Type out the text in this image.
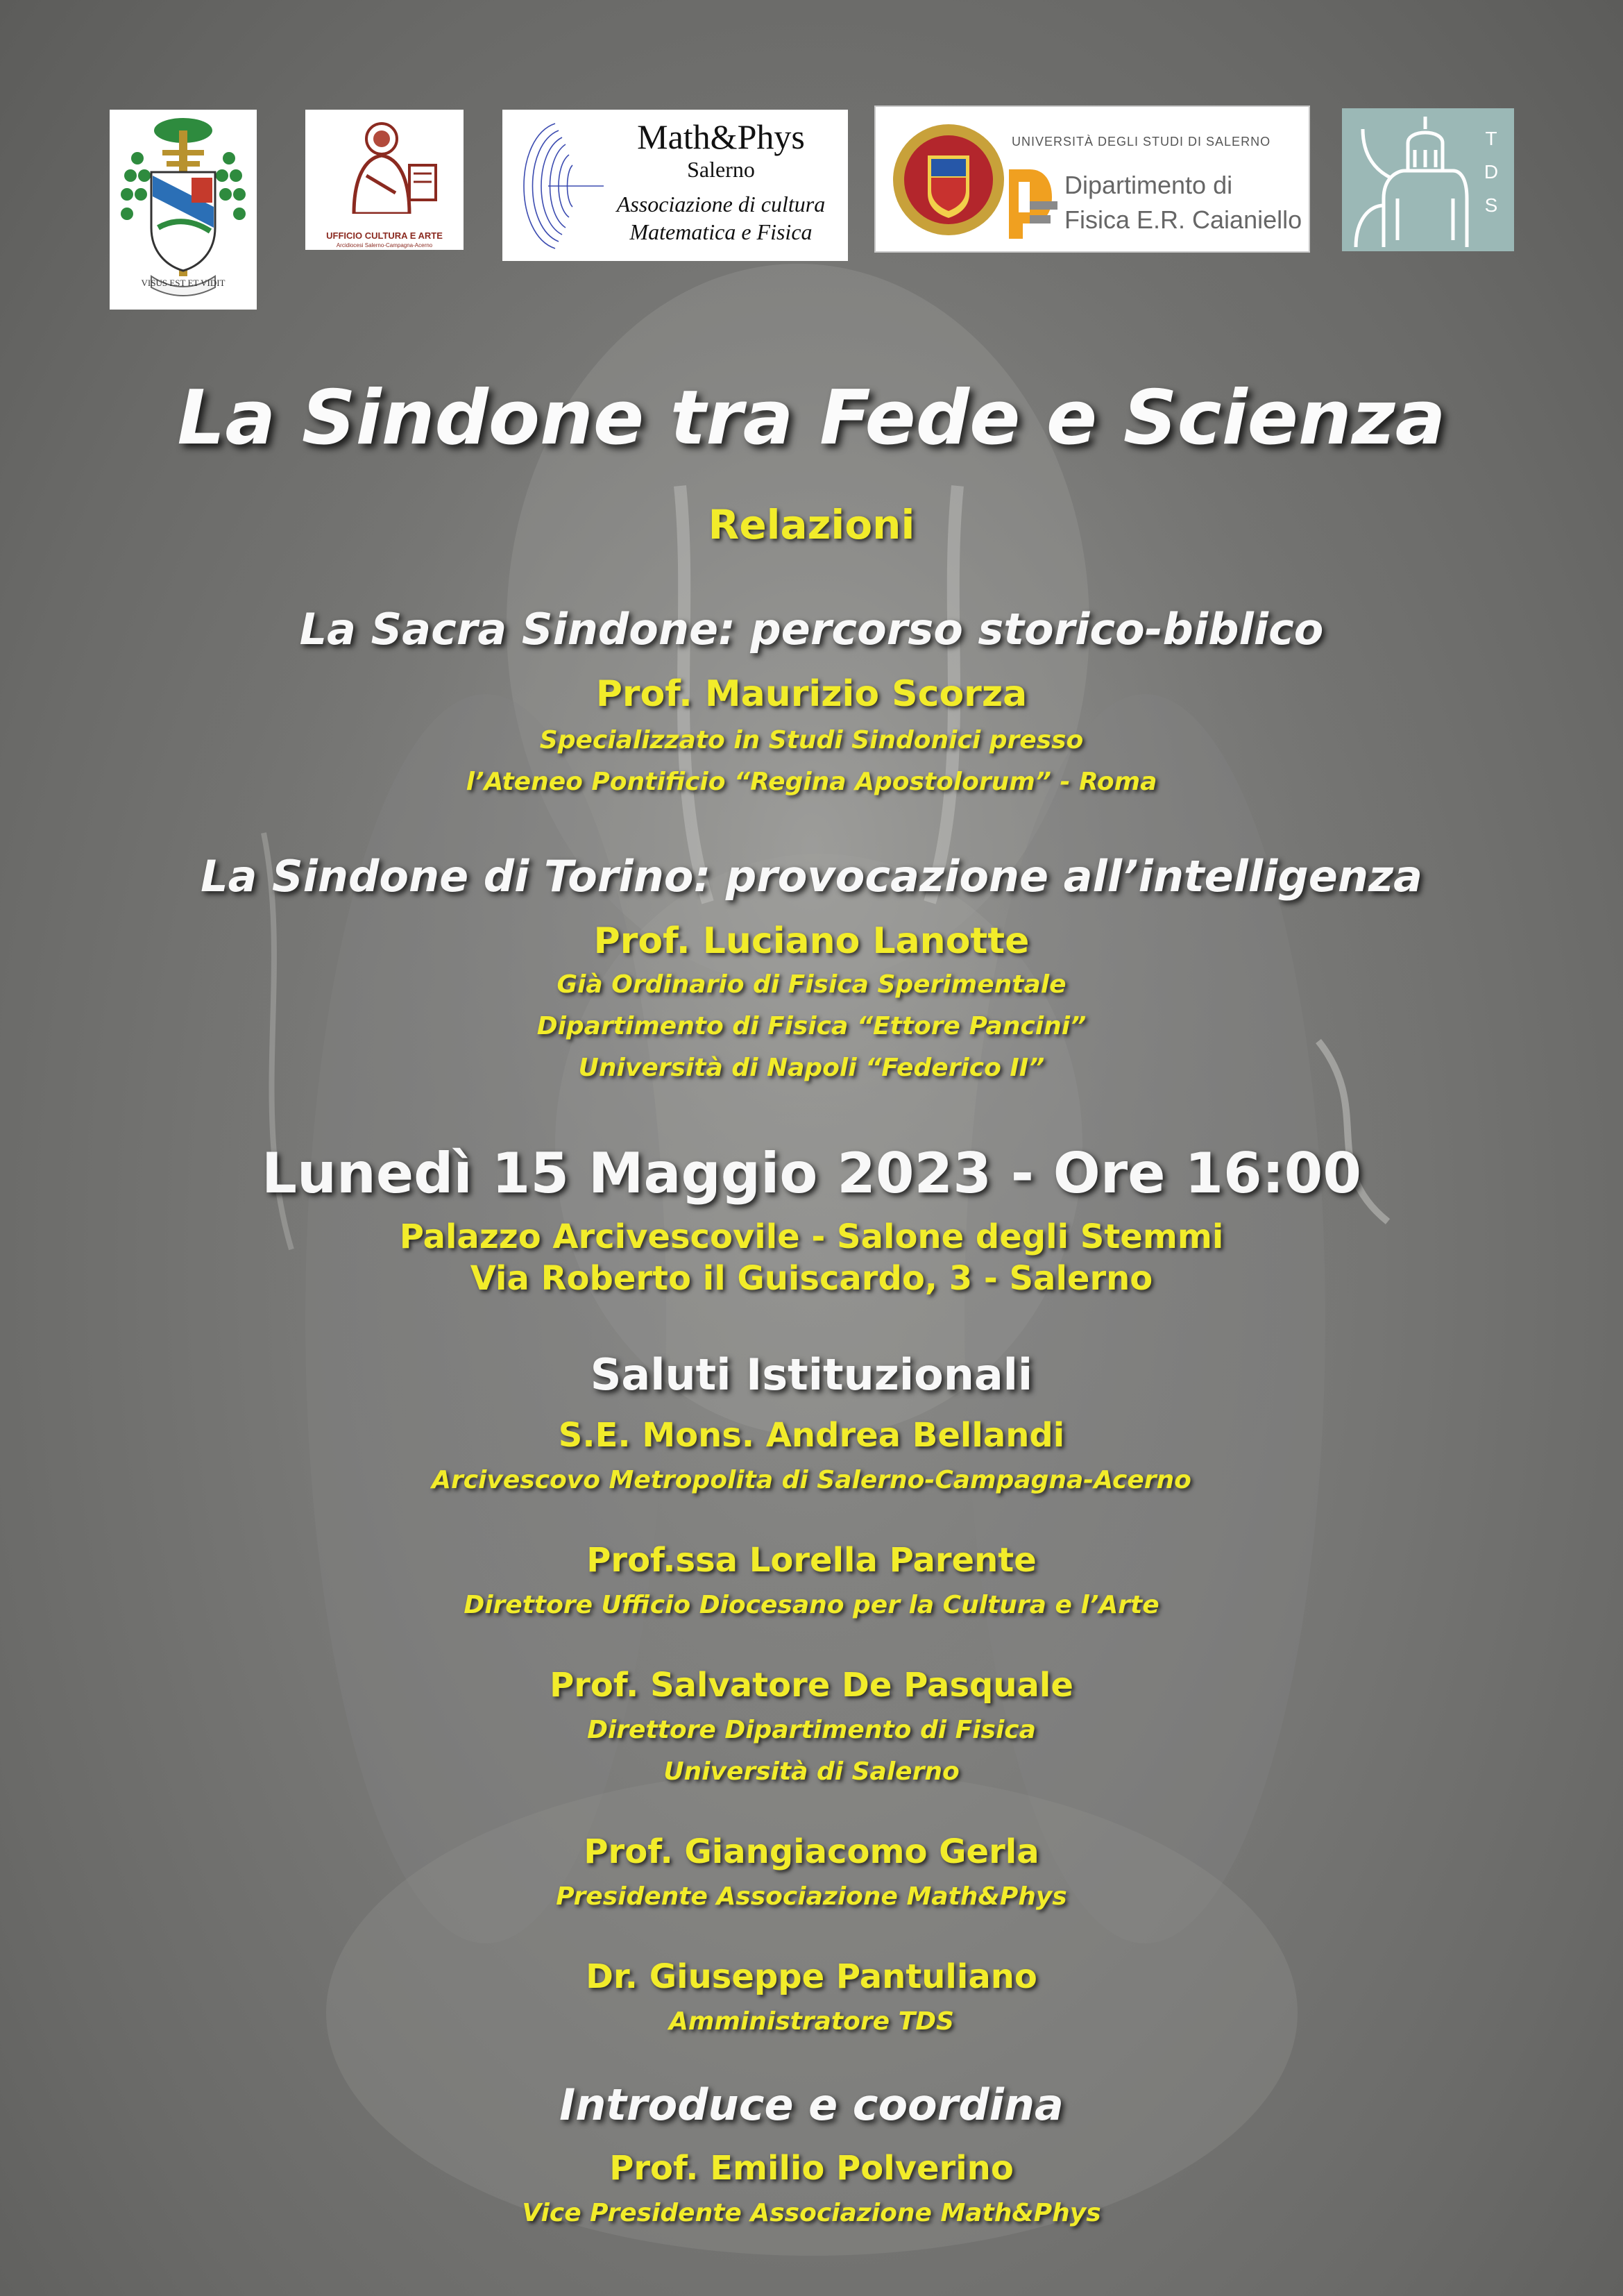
VISUS EST ET VIDIT
UFFICIO CULTURA E ARTE
Arcidiocesi Salerno-Campagna-Acerno
Math&Phys
Salerno
Associazione di cultura
Matematica e Fisica
UNIVERSITÀ DEGLI STUDI DI SALERNO
Dipartimento di
Fisica E.R. Caianiello
TDS
La Sindone tra Fede e Scienza
Relazioni
La Sacra Sindone: percorso storico-biblico
Prof. Maurizio Scorza
Specializzato in Studi Sindonici presso
l’Ateneo Pontificio “Regina Apostolorum” - Roma
La Sindone di Torino: provocazione all’intelligenza
Prof. Luciano Lanotte
Già Ordinario di Fisica Sperimentale
Dipartimento di Fisica “Ettore Pancini”
Università di Napoli “Federico II”
Lunedì 15 Maggio 2023 - Ore 16:00
Palazzo Arcivescovile - Salone degli Stemmi
Via Roberto il Guiscardo, 3 - Salerno
Saluti Istituzionali
S.E. Mons. Andrea Bellandi
Arcivescovo Metropolita di Salerno-Campagna-Acerno
Prof.ssa Lorella Parente
Direttore Ufficio Diocesano per la Cultura e l’Arte
Prof. Salvatore De Pasquale
Direttore Dipartimento di Fisica
Università di Salerno
Prof. Giangiacomo Gerla
Presidente Associazione Math&Phys
Dr. Giuseppe Pantuliano
Amministratore TDS
Introduce e coordina
Prof. Emilio Polverino
Vice Presidente Associazione Math&Phys
